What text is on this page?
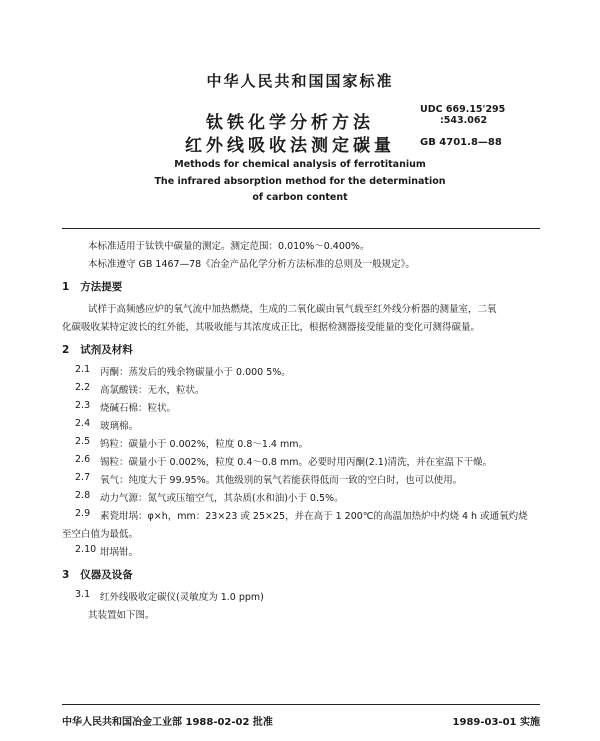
中华人民共和国国家标准
钛铁化学分析方法
红外线吸收法测定碳量
UDC 669.15'295
:543.062
GB 4701.8—88
Methods for chemical analysis of ferrotitanium
The infrared absorption method for the determination
of carbon content
本标准适用于钛铁中碳量的测定。测定范围：0.010%～0.400%。
本标准遵守 GB 1467—78《冶金产品化学分析方法标准的总则及一般规定》。
1 方法提要
试样于高频感应炉的氧气流中加热燃烧，生成的二氧化碳由氧气载至红外线分析器的测量室，二氧
化碳吸收某特定波长的红外能，其吸收能与其浓度成正比，根据检测器接受能量的变化可测得碳量。
2 试剂及材料
2.1 丙酮：蒸发后的残余物碳量小于 0.000 5%。
2.2 高氯酸镁：无水，粒状。
2.3 烧碱石棉：粒状。
2.4 玻璃棉。
2.5 钨粒：碳量小于 0.002%，粒度 0.8～1.4 mm。
2.6 锡粒：碳量小于 0.002%，粒度 0.4～0.8 mm。必要时用丙酮(2.1)清洗，并在室温下干燥。
2.7 氧气：纯度大于 99.95%。其他级别的氧气若能获得低而一致的空白时，也可以使用。
2.8 动力气源：氮气或压缩空气，其杂质(水和油)小于 0.5%。
2.9 素瓷坩埚：φ×h，mm：23×23 或 25×25，并在高于 1 200℃的高温加热炉中灼烧 4 h 或通氧灼烧
至空白值为最低。
2.10 坩埚钳。
3 仪器及设备
3.1 红外线吸收定碳仪(灵敏度为 1.0 ppm)
其装置如下图。
中华人民共和国冶金工业部 1988-02-02 批准	1989-03-01 实施
